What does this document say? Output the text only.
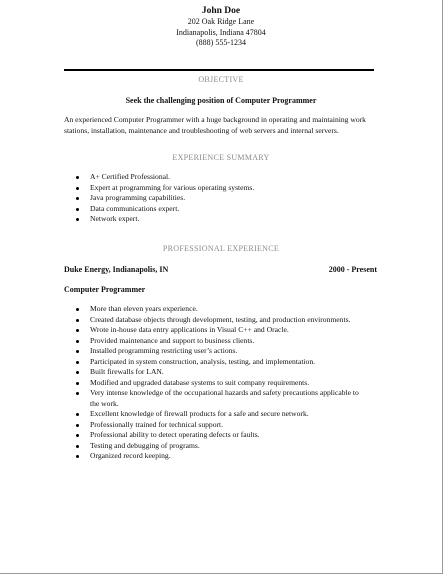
John Doe
202 Oak Ridge Lane
Indianapolis, Indiana 47804
(888) 555-1234
OBJECTIVE
Seek the challenging position of Computer Programmer
An experienced Computer Programmer with a huge background in operating and maintaining work stations, installation, maintenance and troubleshooting of web servers and internal servers.
EXPERIENCE SUMMARY
A+ Certified Professional.
Expert at programming for various operating systems.
Java programming capabilities.
Data communications expert.
Network expert.
PROFESSIONAL EXPERIENCE
Duke Energy, Indianapolis, IN	2000 - Present
Computer Programmer
More than eleven years experience.
Created database objects through development, testing, and production environments.
Wrote in-house data entry applications in Visual C++ and Oracle.
Provided maintenance and support to business clients.
Installed programming restricting user’s actions.
Participated in system construction, analysis, testing, and implementation.
Built firewalls for LAN.
Modified and upgraded database systems to suit company requirements.
Very intense knowledge of the occupational hazards and safety precautions applicable to the work.
Excellent knowledge of firewall products for a safe and secure network.
Professionally trained for technical support.
Professional ability to detect operating defects or faults.
Testing and debugging of programs.
Organized record keeping.
